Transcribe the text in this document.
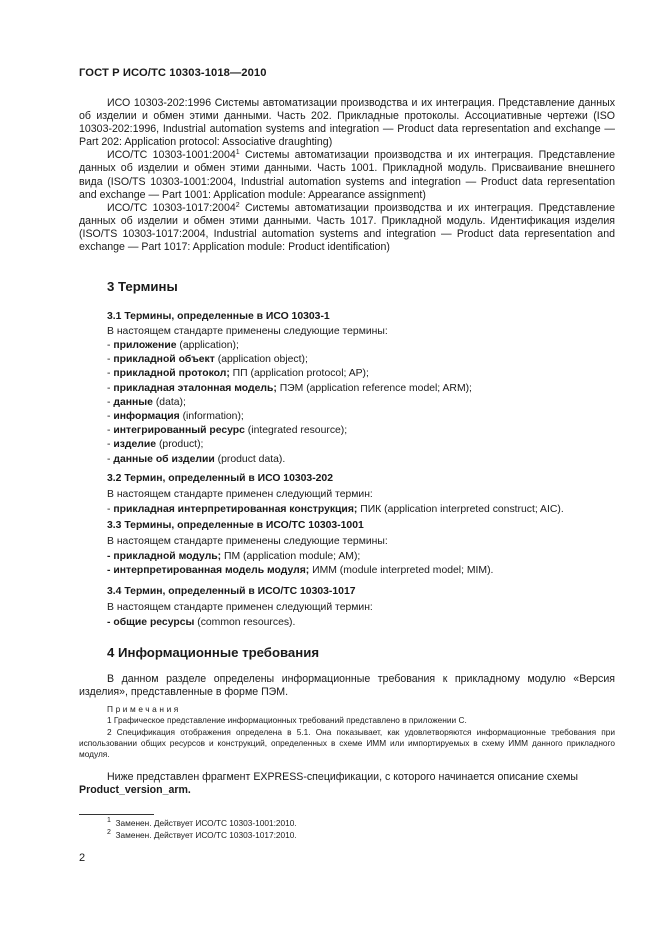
ГОСТ Р ИСО/ТС 10303-1018—2010

ИСО 10303-202:1996 Системы автоматизации производства и их интеграция. Представление данных об изделии и обмен этими данными. Часть 202. Прикладные протоколы. Ассоциативные чертежи (ISO 10303-202:1996, Industrial automation systems and integration — Product data representation and exchange — Part 202: Application protocol: Associative draughting)

ИСО/ТС 10303-1001:2004$^1$ Системы автоматизации производства и их интеграция. Представление данных об изделии и обмен этими данными. Часть 1001. Прикладной модуль. Присваивание внешнего вида (ISO/TS 10303-1001:2004, Industrial automation systems and integration — Product data representation and exchange — Part 1001: Application module: Appearance assignment)

ИСО/ТС 10303-1017:2004$^2$ Системы автоматизации производства и их интеграция. Представление данных об изделии и обмен этими данными. Часть 1017. Прикладной модуль. Идентификация изделия (ISO/TS 10303-1017:2004, Industrial automation systems and integration — Product data representation and exchange — Part 1017: Application module: Product identification)

3 Термины
3.1 Термины, определенные в ИСО 10303-1
В настоящем стандарте применены следующие термины:
- приложение (application);
- прикладной объект (application object);
- прикладной протокол; ПП (application protocol; AP);
- прикладная эталонная модель; ПЭМ (application reference model; ARM);
- данные (data);
- информация (information);
- интегрированный ресурс (integrated resource);
- изделие (product);
- данные об изделии (product data).
3.2 Термин, определенный в ИСО 10303-202
В настоящем стандарте применен следующий термин:
- прикладная интерпретированная конструкция; ПИК (application interpreted construct; AIC).
3.3 Термины, определенные в ИСО/ТС 10303-1001
В настоящем стандарте применены следующие термины:
- прикладной модуль; ПМ (application module; AM);
- интерпретированная модель модуля; ИММ (module interpreted model; MIM).
3.4 Термин, определенный в ИСО/ТС 10303-1017
В настоящем стандарте применен следующий термин:
- общие ресурсы (common resources).
4 Информационные требования

В данном разделе определены информационные требования к прикладному модулю «Версия изделия», представленные в форме ПЭМ.

Примечания

1 Графическое представление информационных требований представлено в приложении С.

2 Спецификация отображения определена в 5.1. Она показывает, как удовлетворяются информационные требования при использовании общих ресурсов и конструкций, определенных в схеме ИММ или импортируемых в схему ИММ данного прикладного модуля.

Ниже представлен фрагмент EXPRESS-спецификации, с которого начинается описание схемы

Product_version_arm.

$^1$ Заменен. Действует ИСО/ТС 10303-1001:2010.
$^2$ Заменен. Действует ИСО/ТС 10303-1017:2010.
2
